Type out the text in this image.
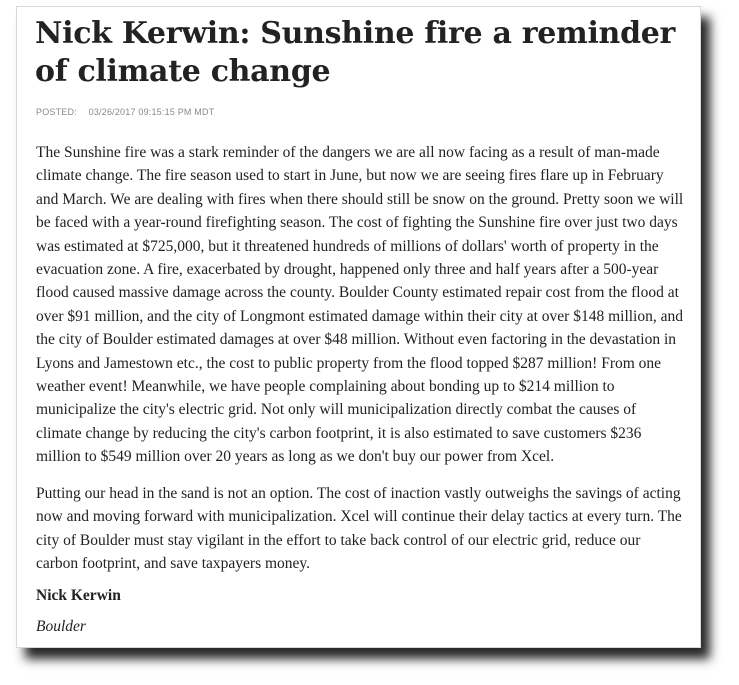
Nick Kerwin: Sunshine fire a reminder of climate change
POSTED: 03/26/2017 09:15:15 PM MDT

The Sunshine fire was a stark reminder of the dangers we are all now facing as a result of man-made climate change. The fire season used to start in June, but now we are seeing fires flare up in February and March. We are dealing with fires when there should still be snow on the ground. Pretty soon we will be faced with a year-round firefighting season. The cost of fighting the Sunshine fire over just two days was estimated at $725,000, but it threatened hundreds of millions of dollars' worth of property in the evacuation zone. A fire, exacerbated by drought, happened only three and half years after a 500-year flood caused massive damage across the county. Boulder County estimated repair cost from the flood at over $91 million, and the city of Longmont estimated damage within their city at over $148 million, and the city of Boulder estimated damages at over $48 million. Without even factoring in the devastation in Lyons and Jamestown etc., the cost to public property from the flood topped $287 million! From one weather event! Meanwhile, we have people complaining about bonding up to $214 million to municipalize the city's electric grid. Not only will municipalization directly combat the causes of climate change by reducing the city's carbon footprint, it is also estimated to save customers $236 million to $549 million over 20 years as long as we don't buy our power from Xcel.

Putting our head in the sand is not an option. The cost of inaction vastly outweighs the savings of acting now and moving forward with municipalization. Xcel will continue their delay tactics at every turn. The city of Boulder must stay vigilant in the effort to take back control of our electric grid, reduce our carbon footprint, and save taxpayers money.

Nick Kerwin
Boulder
